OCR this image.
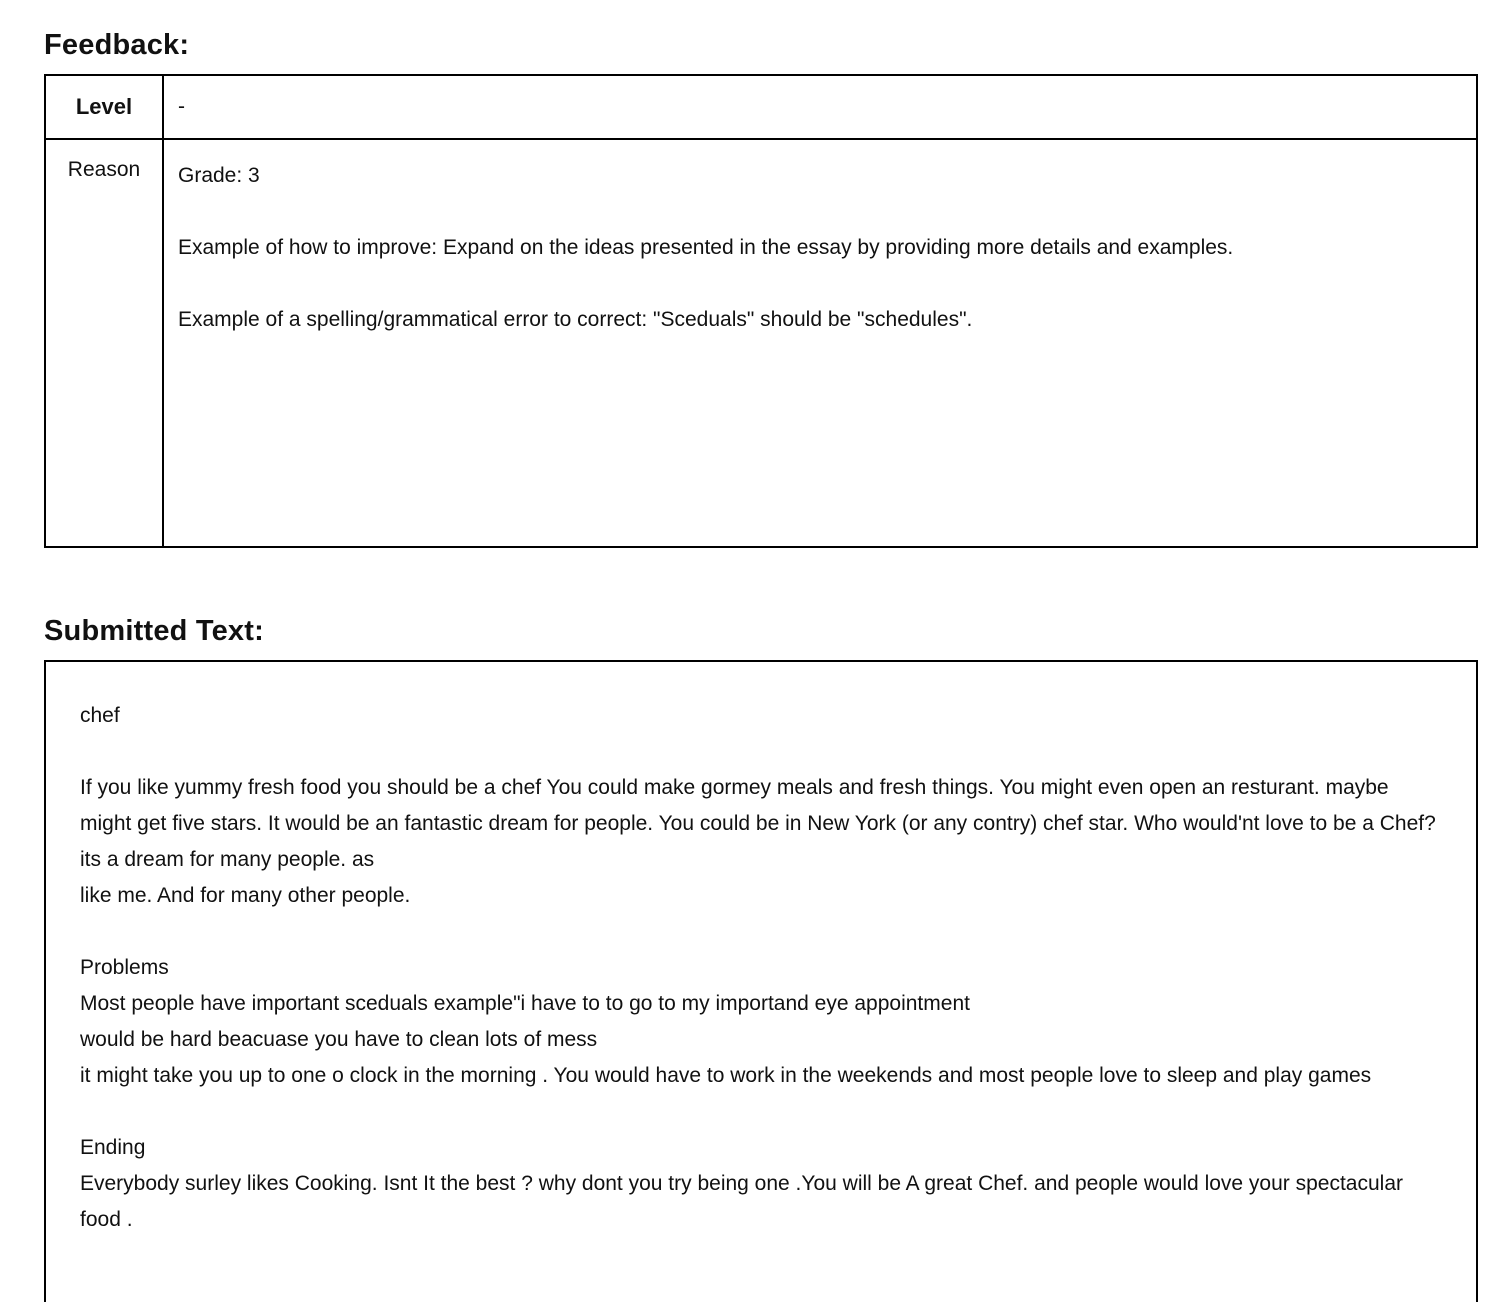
Feedback:
Level	-
Reason	Grade: 3

Example of how to improve: Expand on the ideas presented in the essay by providing more details and examples.

Example of a spelling/grammatical error to correct: "Sceduals" should be "schedules".

Submitted Text:
chef
If you like yummy fresh food you should be a chef You could make gormey meals and fresh things. You might even open an resturant. maybe might get five stars. It would be an fantastic dream for people. You could be in New York (or any contry) chef star. Who would'nt love to be a Chef? its a dream for many people. as
like me. And for many other people.
Problems
Most people have important sceduals example"i have to to go to my importand eye appointment
would be hard beacuase you have to clean lots of mess
it might take you up to one o clock in the morning . You would have to work in the weekends and most people love to sleep and play games
Ending
Everybody surley likes Cooking. Isnt It the best ? why dont you try being one .You will be A great Chef. and people would love your spectacular food .
